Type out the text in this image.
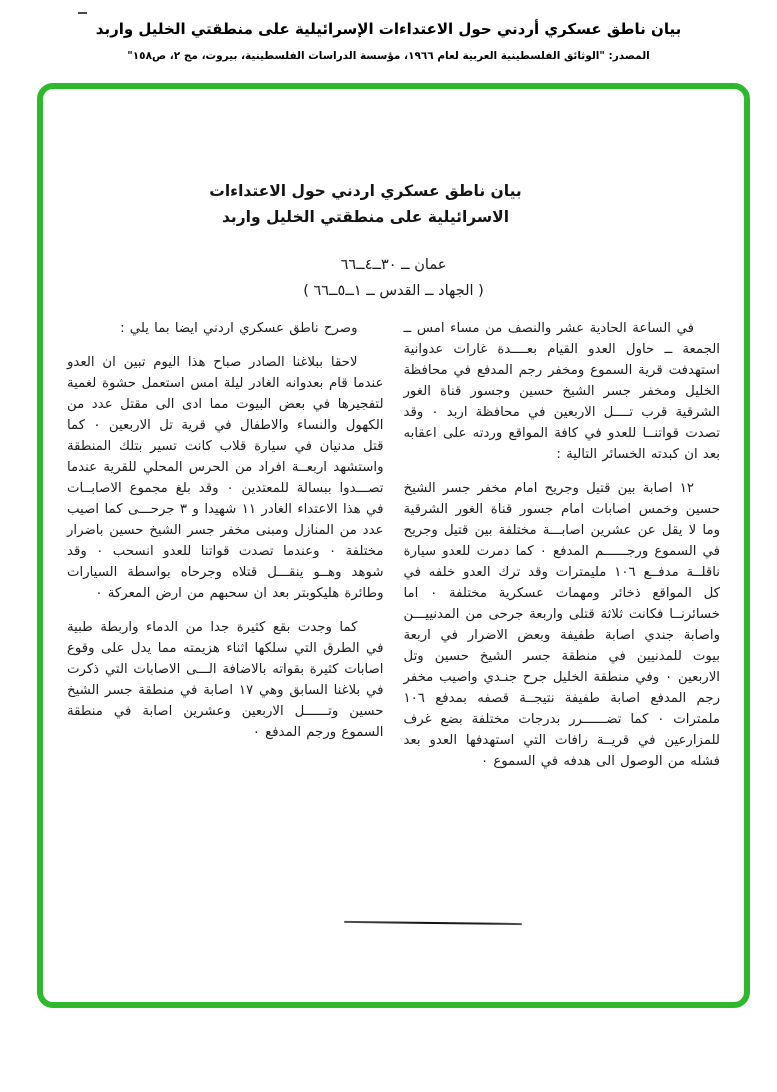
بيان ناطق عسكري أردني حول الاعتداءات الإسرائيلية على منطقتي الخليل واربد
المصدر: "الوثائق الفلسطينية العربية لعام ١٩٦٦، مؤسسة الدراسات الفلسطينية، بيروت، مج ٢، ص١٥٨"
بيان ناطق عسكري اردني حول الاعتداءات
الاسرائيلية على منطقتي الخليل واربد
عمان ــ ٣٠ــ٤ــ٦٦
( الجهاد ــ القدس ــ ١ــ٥ــ٦٦ )

في الساعة الحادية عشر والنصف من مساء امس ــ الجمعة ــ حاول العدو القيام بعــــدة غارات عدوانية استهدفت قرية السموع ومخفر رجم المدفع في محافظة الخليل ومخفر جسر الشيخ حسين وجسور قناة الغور الشرقية قرب تــــل الاربعين في محافظة اربد ٠ وقد تصدت قواتنــا للعدو في كافة المواقع وردته على اعقابه بعد ان كبدته الخسائر التالية :

١٢ اصابة بين قتيل وجريح امام مخفر جسر الشيخ حسين وخمس اصابات امام جسور قناة الغور الشرقية وما لا يقل عن عشرين اصابـــة مختلفة بين قتيل وجريح في السموع ورجــــــم المدفع ٠ كما دمرت للعدو سيارة ناقلــة مدفــع ١٠٦ مليمترات وقد ترك العدو خلفه في كل المواقع ذخائر ومهمات عسكرية مختلفة ٠ اما خسائرنــا فكانت ثلاثة قتلى واربعة جرحى من المدنييـــن واصابة جندي اصابة طفيفة وبعض الاضرار في اربعة بيوت للمدنيين في منطقة جسر الشيخ حسين وتل الاربعين ٠ وفي منطقة الخليل جرح جنـدي واصيب مخفر رجم المدفع اصابة طفيفة نتيجــة قصفه بمدفع ١٠٦ ملمترات ٠ كما تضــــــرر بدرجات مختلفة بضع غرف للمزارعين في قريــة رافات التي استهدفها العدو بعد فشله من الوصول الى هدفه في السموع ٠

وصرح ناطق عسكري اردني ايضا بما يلي :

لاحقا ببلاغنا الصادر صباح هذا اليوم تبين ان العدو عندما قام بعدوانه الغادر ليلة امس استعمل حشوة لغمية لتفجيرها في بعض البيوت مما ادى الى مقتل عدد من الكهول والنساء والاطفال في قرية تل الاربعين ٠ كما قتل مدنيان في سيارة قلاب كانت تسير بتلك المنطقة واستشهد اربعــة افراد من الحرس المحلي للقرية عندما تصـــدوا ببسالة للمعتدين ٠ وقد بلغ مجموع الاصابــات في هذا الاعتداء الغادر ١١ شهيدا و ٣ جرحـــى كما اصيب عدد من المنازل ومبنى مخفر جسر الشيخ حسين باضرار مختلفة ٠ وعندما تصدت قواتنا للعدو انسحب ٠ وقد شوهد وهــو ينقـــل قتلاه وجرحاه بواسطة السيارات وطائرة هليكوبتر بعد ان سحبهم من ارض المعركة ٠

كما وجدت بقع كثيرة جدا من الدماء واربطة طبية في الطرق التي سلكها اثناء هزيمته مما يدل على وقوع اصابات كثيرة بقواته بالاضافة الـــى الاصابات التي ذكرت في بلاغنا السابق وهي ١٧ اصابة في منطقة جسر الشيخ حسين وتــــــل الاربعين وعشرين اصابة في منطقة السموع ورجم المدفع ٠
